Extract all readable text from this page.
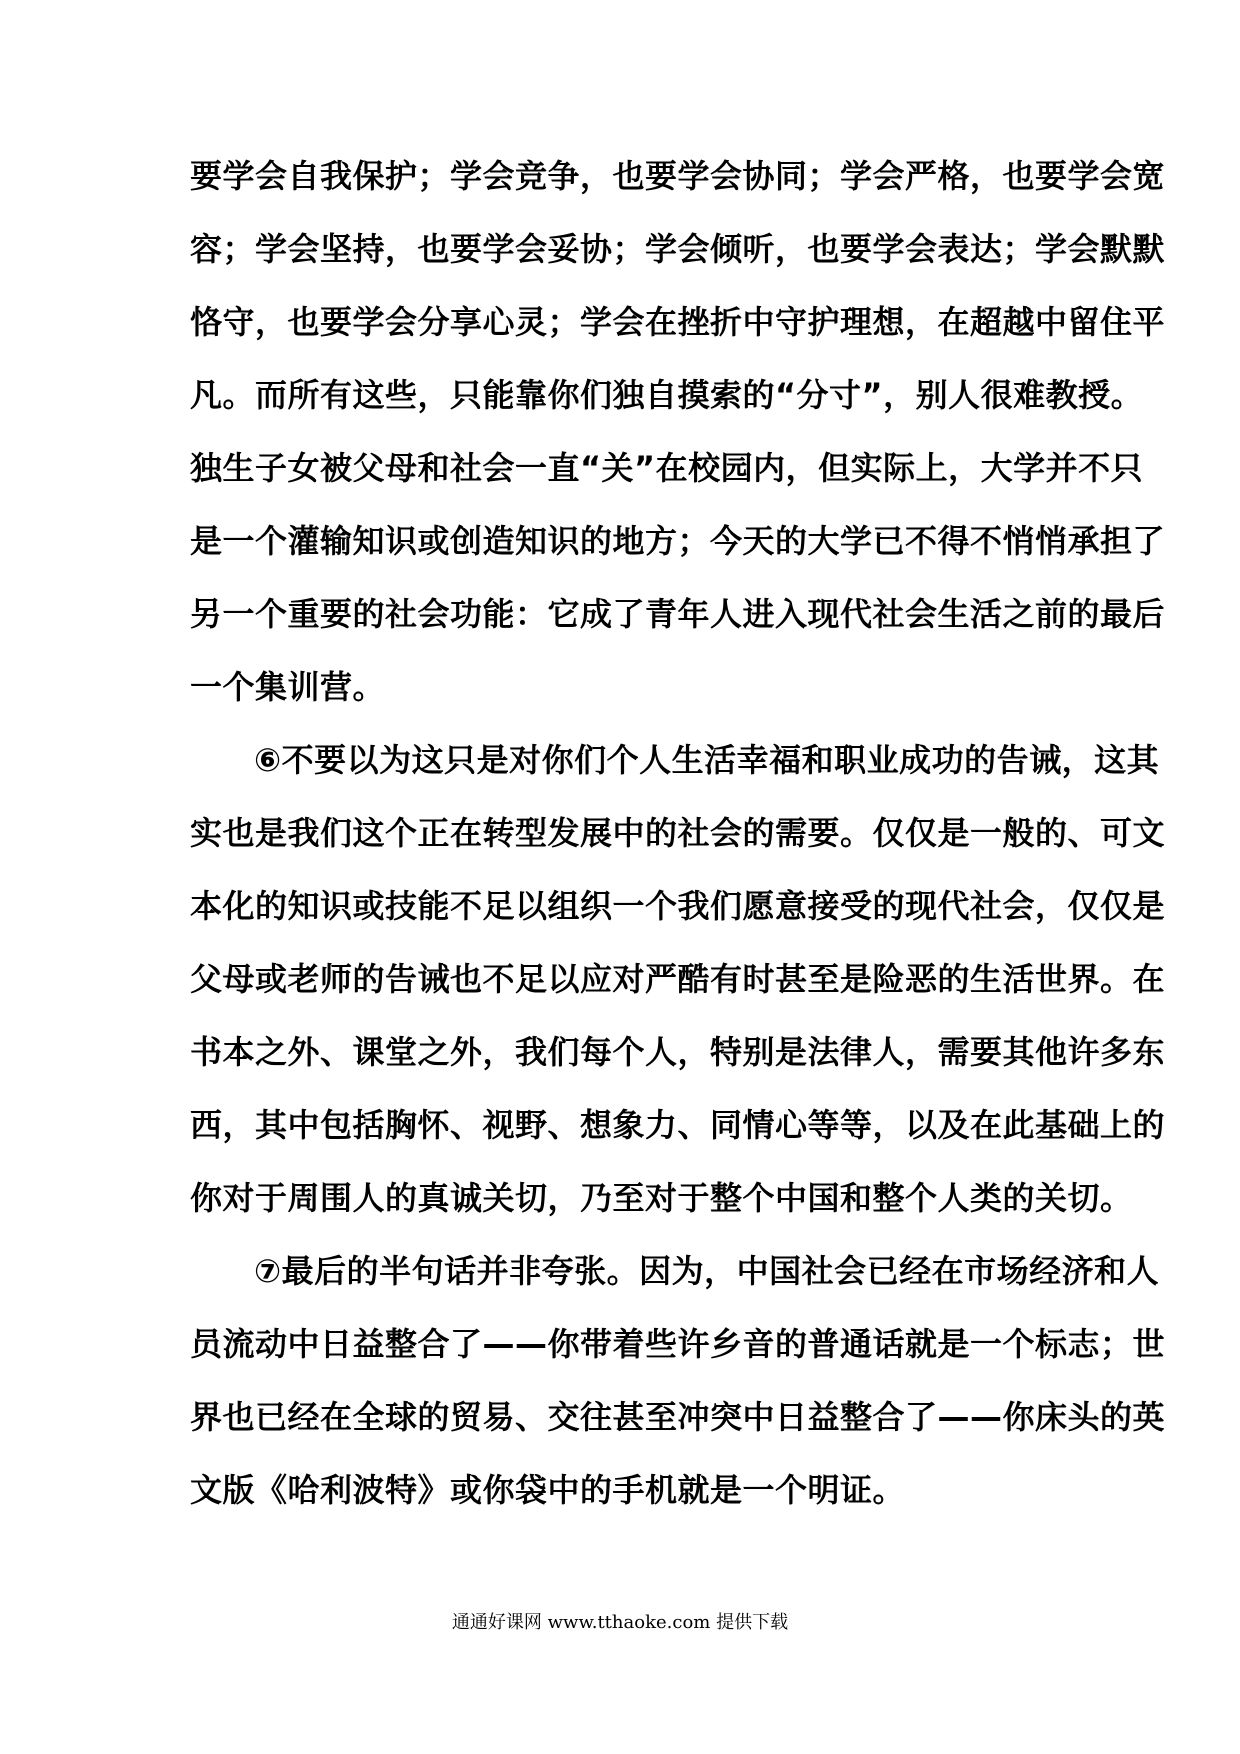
要学会自我保护；学会竞争，也要学会协同；学会严格，也要学会宽
容；学会坚持，也要学会妥协；学会倾听，也要学会表达；学会默默
恪守，也要学会分享心灵；学会在挫折中守护理想，在超越中留住平
凡。而所有这些，只能靠你们独自摸索的“分寸”，别人很难教授。
独生子女被父母和社会一直“关”在校园内，但实际上，大学并不只
是一个灌输知识或创造知识的地方；今天的大学已不得不悄悄承担了
另一个重要的社会功能：它成了青年人进入现代社会生活之前的最后
一个集训营。
⑥不要以为这只是对你们个人生活幸福和职业成功的告诫，这其
实也是我们这个正在转型发展中的社会的需要。仅仅是一般的、可文
本化的知识或技能不足以组织一个我们愿意接受的现代社会，仅仅是
父母或老师的告诫也不足以应对严酷有时甚至是险恶的生活世界。在
书本之外、课堂之外，我们每个人，特别是法律人，需要其他许多东
西，其中包括胸怀、视野、想象力、同情心等等，以及在此基础上的
你对于周围人的真诚关切，乃至对于整个中国和整个人类的关切。
⑦最后的半句话并非夸张。因为，中国社会已经在市场经济和人
员流动中日益整合了——你带着些许乡音的普通话就是一个标志；世
界也已经在全球的贸易、交往甚至冲突中日益整合了——你床头的英
文版《哈利波特》或你袋中的手机就是一个明证。
通通好课网 www.tthaoke.com 提供下载
